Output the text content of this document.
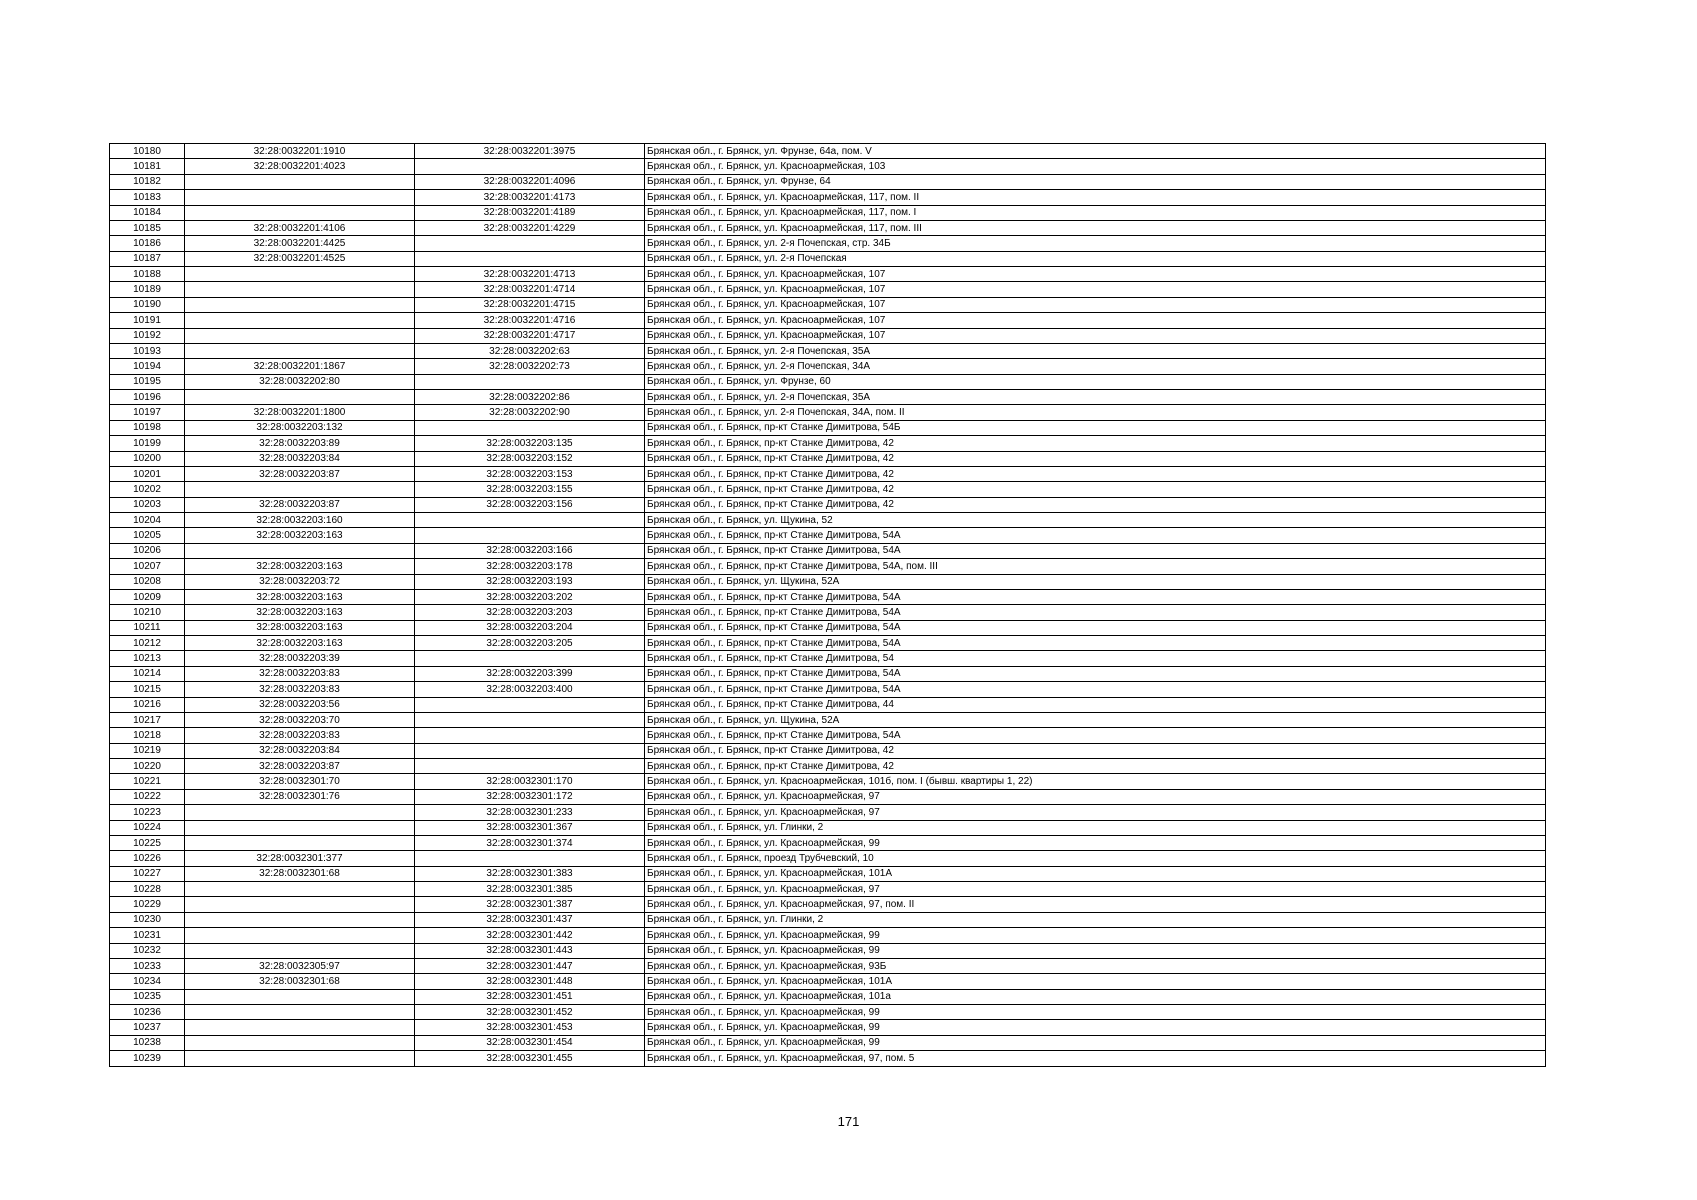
10180	32:28:0032201:1910	32:28:0032201:3975	Брянская обл., г. Брянск, ул. Фрунзе, 64а, пом. V
10181	32:28:0032201:4023		Брянская обл., г. Брянск, ул. Красноармейская, 103
10182		32:28:0032201:4096	Брянская обл., г. Брянск, ул. Фрунзе, 64
10183		32:28:0032201:4173	Брянская обл., г. Брянск, ул. Красноармейская, 117, пом. II
10184		32:28:0032201:4189	Брянская обл., г. Брянск, ул. Красноармейская, 117, пом. I
10185	32:28:0032201:4106	32:28:0032201:4229	Брянская обл., г. Брянск, ул. Красноармейская, 117, пом. III
10186	32:28:0032201:4425		Брянская обл., г. Брянск, ул. 2-я Почепская, стр. 34Б
10187	32:28:0032201:4525		Брянская обл., г. Брянск, ул. 2-я Почепская
10188		32:28:0032201:4713	Брянская обл., г. Брянск, ул. Красноармейская, 107
10189		32:28:0032201:4714	Брянская обл., г. Брянск, ул. Красноармейская, 107
10190		32:28:0032201:4715	Брянская обл., г. Брянск, ул. Красноармейская, 107
10191		32:28:0032201:4716	Брянская обл., г. Брянск, ул. Красноармейская, 107
10192		32:28:0032201:4717	Брянская обл., г. Брянск, ул. Красноармейская, 107
10193		32:28:0032202:63	Брянская обл., г. Брянск, ул. 2-я Почепская, 35А
10194	32:28:0032201:1867	32:28:0032202:73	Брянская обл., г. Брянск, ул. 2-я Почепская, 34А
10195	32:28:0032202:80		Брянская обл., г. Брянск, ул. Фрунзе, 60
10196		32:28:0032202:86	Брянская обл., г. Брянск, ул. 2-я Почепская, 35А
10197	32:28:0032201:1800	32:28:0032202:90	Брянская обл., г. Брянск, ул. 2-я Почепская, 34А, пом. II
10198	32:28:0032203:132		Брянская обл., г. Брянск, пр-кт Станке Димитрова, 54Б
10199	32:28:0032203:89	32:28:0032203:135	Брянская обл., г. Брянск, пр-кт Станке Димитрова, 42
10200	32:28:0032203:84	32:28:0032203:152	Брянская обл., г. Брянск, пр-кт Станке Димитрова, 42
10201	32:28:0032203:87	32:28:0032203:153	Брянская обл., г. Брянск, пр-кт Станке Димитрова, 42
10202		32:28:0032203:155	Брянская обл., г. Брянск, пр-кт Станке Димитрова, 42
10203	32:28:0032203:87	32:28:0032203:156	Брянская обл., г. Брянск, пр-кт Станке Димитрова, 42
10204	32:28:0032203:160		Брянская обл., г. Брянск, ул. Щукина, 52
10205	32:28:0032203:163		Брянская обл., г. Брянск, пр-кт Станке Димитрова, 54А
10206		32:28:0032203:166	Брянская обл., г. Брянск, пр-кт Станке Димитрова, 54А
10207	32:28:0032203:163	32:28:0032203:178	Брянская обл., г. Брянск, пр-кт Станке Димитрова, 54А, пом. III
10208	32:28:0032203:72	32:28:0032203:193	Брянская обл., г. Брянск, ул. Щукина, 52А
10209	32:28:0032203:163	32:28:0032203:202	Брянская обл., г. Брянск, пр-кт Станке Димитрова, 54А
10210	32:28:0032203:163	32:28:0032203:203	Брянская обл., г. Брянск, пр-кт Станке Димитрова, 54А
10211	32:28:0032203:163	32:28:0032203:204	Брянская обл., г. Брянск, пр-кт Станке Димитрова, 54А
10212	32:28:0032203:163	32:28:0032203:205	Брянская обл., г. Брянск, пр-кт Станке Димитрова, 54А
10213	32:28:0032203:39		Брянская обл., г. Брянск, пр-кт Станке Димитрова, 54
10214	32:28:0032203:83	32:28:0032203:399	Брянская обл., г. Брянск, пр-кт Станке Димитрова, 54А
10215	32:28:0032203:83	32:28:0032203:400	Брянская обл., г. Брянск, пр-кт Станке Димитрова, 54А
10216	32:28:0032203:56		Брянская обл., г. Брянск, пр-кт Станке Димитрова, 44
10217	32:28:0032203:70		Брянская обл., г. Брянск, ул. Щукина, 52А
10218	32:28:0032203:83		Брянская обл., г. Брянск, пр-кт Станке Димитрова, 54А
10219	32:28:0032203:84		Брянская обл., г. Брянск, пр-кт Станке Димитрова, 42
10220	32:28:0032203:87		Брянская обл., г. Брянск, пр-кт Станке Димитрова, 42
10221	32:28:0032301:70	32:28:0032301:170	Брянская обл., г. Брянск, ул. Красноармейская, 101б, пом. I (бывш. квартиры 1, 22)
10222	32:28:0032301:76	32:28:0032301:172	Брянская обл., г. Брянск, ул. Красноармейская, 97
10223		32:28:0032301:233	Брянская обл., г. Брянск, ул. Красноармейская, 97
10224		32:28:0032301:367	Брянская обл., г. Брянск, ул. Глинки, 2
10225		32:28:0032301:374	Брянская обл., г. Брянск, ул. Красноармейская, 99
10226	32:28:0032301:377		Брянская обл., г. Брянск, проезд Трубчевский, 10
10227	32:28:0032301:68	32:28:0032301:383	Брянская обл., г. Брянск, ул. Красноармейская, 101А
10228		32:28:0032301:385	Брянская обл., г. Брянск, ул. Красноармейская, 97
10229		32:28:0032301:387	Брянская обл., г. Брянск, ул. Красноармейская, 97, пом. II
10230		32:28:0032301:437	Брянская обл., г. Брянск, ул. Глинки, 2
10231		32:28:0032301:442	Брянская обл., г. Брянск, ул. Красноармейская, 99
10232		32:28:0032301:443	Брянская обл., г. Брянск, ул. Красноармейская, 99
10233	32:28:0032305:97	32:28:0032301:447	Брянская обл., г. Брянск, ул. Красноармейская, 93Б
10234	32:28:0032301:68	32:28:0032301:448	Брянская обл., г. Брянск, ул. Красноармейская, 101А
10235		32:28:0032301:451	Брянская обл., г. Брянск, ул. Красноармейская, 101а
10236		32:28:0032301:452	Брянская обл., г. Брянск, ул. Красноармейская, 99
10237		32:28:0032301:453	Брянская обл., г. Брянск, ул. Красноармейская, 99
10238		32:28:0032301:454	Брянская обл., г. Брянск, ул. Красноармейская, 99
10239		32:28:0032301:455	Брянская обл., г. Брянск, ул. Красноармейская, 97, пом. 5
171
